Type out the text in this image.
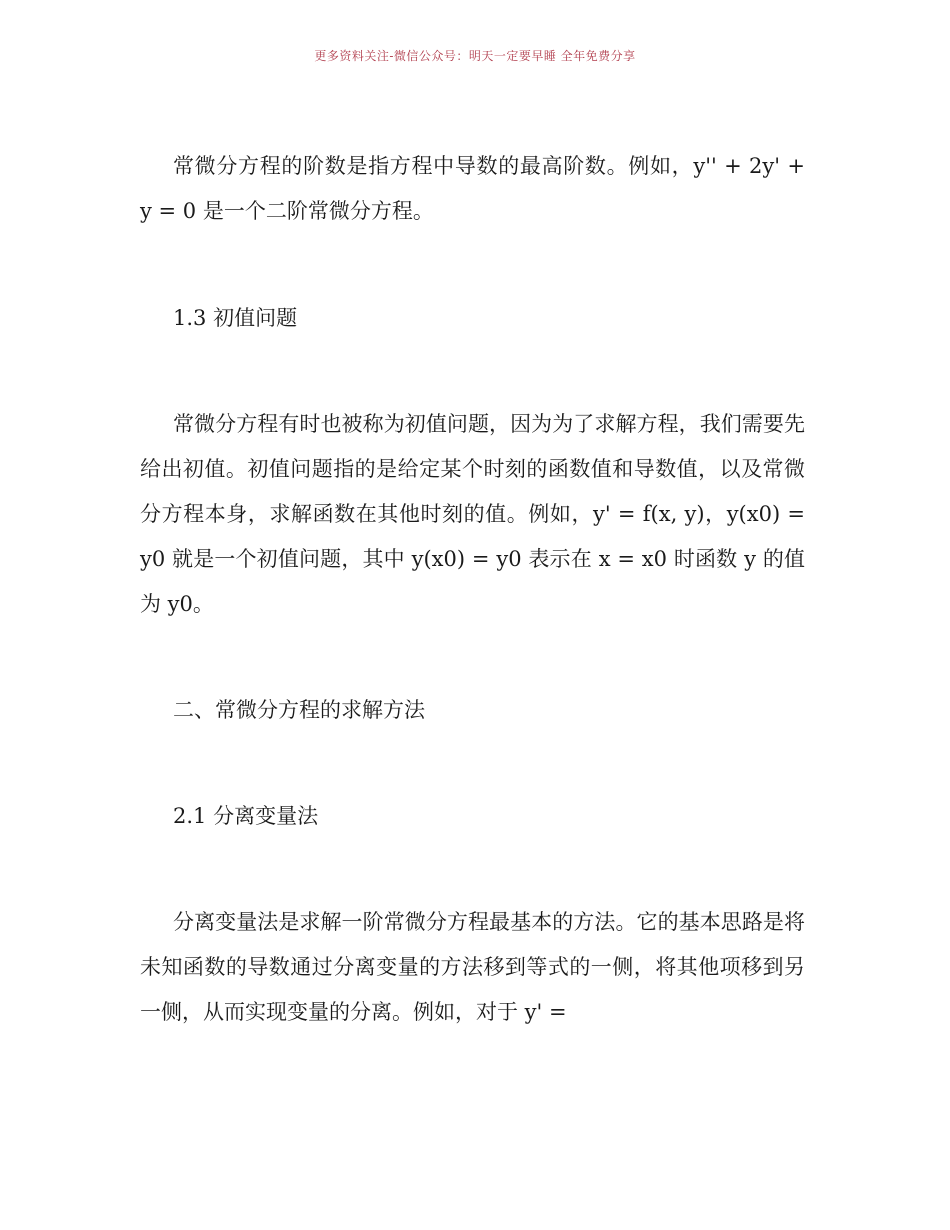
更多资料关注-微信公众号：明天一定要早睡 全年免费分享
常微分方程的阶数是指方程中导数的最高阶数。例如，y'' + 2y' + y = 0 是一个二阶常微分方程。
1.3 初值问题
常微分方程有时也被称为初值问题，因为为了求解方程，我们需要先给出初值。初值问题指的是给定某个时刻的函数值和导数值，以及常微分方程本身，求解函数在其他时刻的值。例如，y' = f(x, y)，y(x0) = y0 就是一个初值问题，其中 y(x0) = y0 表示在 x = x0 时函数 y 的值为 y0。
二、常微分方程的求解方法
2.1 分离变量法
分离变量法是求解一阶常微分方程最基本的方法。它的基本思路是将未知函数的导数通过分离变量的方法移到等式的一侧，将其他项移到另一侧，从而实现变量的分离。例如，对于 y' =
